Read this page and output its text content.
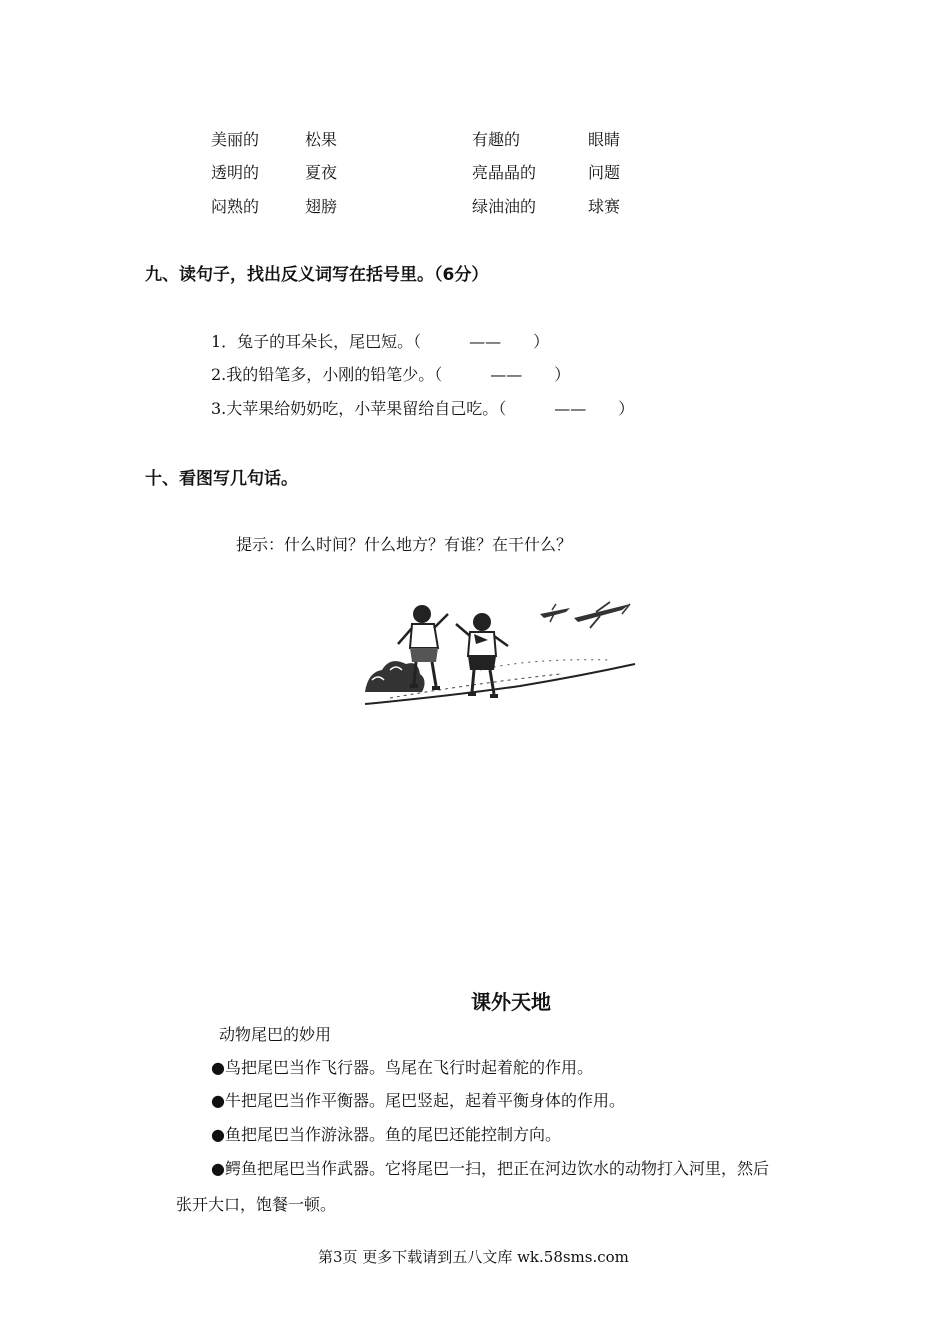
美丽的
透明的
闷熟的
松果
夏夜
翅膀
有趣的
亮晶晶的
绿油油的
眼睛
问题
球赛
九、读句子，找出反义词写在括号里。（6分）
1．兔子的耳朵长，尾巴短。（　　　——　　）
2.我的铅笔多，小刚的铅笔少。（　　　——　　）
3.大苹果给奶奶吃，小苹果留给自己吃。（　　　——　　）
十、看图写几句话。
提示：什么时间？什么地方？有谁？在干什么？
课外天地
动物尾巴的妙用
●鸟把尾巴当作飞行器。鸟尾在飞行时起着舵的作用。
●牛把尾巴当作平衡器。尾巴竖起，起着平衡身体的作用。
●鱼把尾巴当作游泳器。鱼的尾巴还能控制方向。
●鳄鱼把尾巴当作武器。它将尾巴一扫，把正在河边饮水的动物打入河里，然后
张开大口，饱餐一顿。
第3页 更多下载请到五八文库 wk.58sms.com
